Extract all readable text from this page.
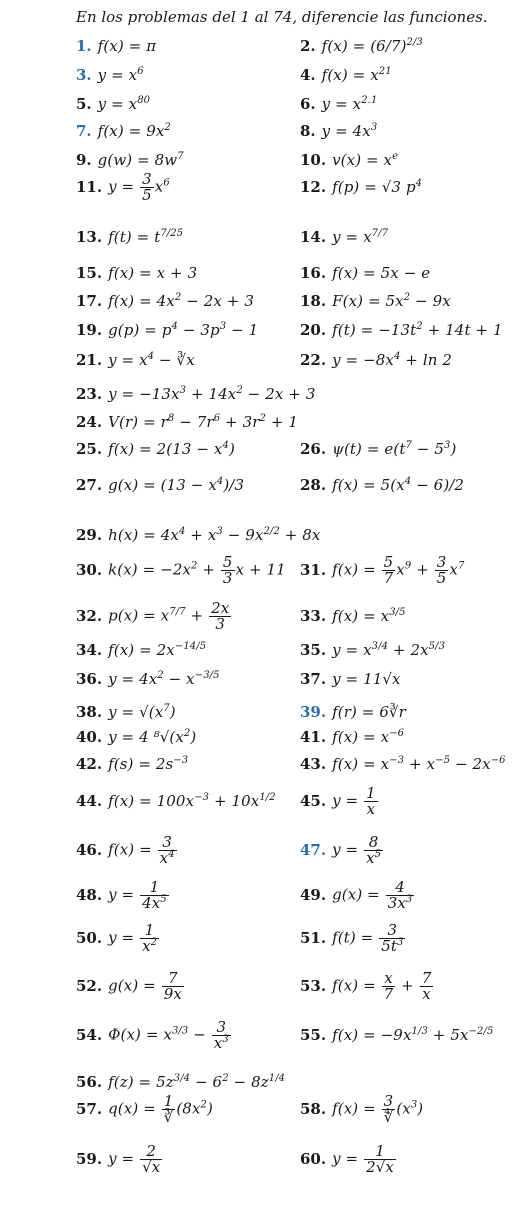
En los problemas del 1 al 74, diferencie las funciones.
1. f(x) = π	2. $f(x) = (6/7)^{2/3}$
3. $y = x^6$	4. $f(x) = x^{21}$
5. $y = x^{80}$	6. $y = x^{2.1}$
7. $f(x) = 9x^2$	8. $y = 4x^3$
9. $g(w) = 8w^7$	10. $v(x) = x^e$
11. $y = \frac{3}{5} x^6$	12. f(p) = √3 $p^4$
13. $f(t) = t^{7/25}$	14. $y = x^{7/7}$
15. f(x) = x + 3	16. f(x) = 5x − e
17. $f(x) = 4x^2 - 2x + 3$	18. $F(x) = 5x^2 - 9x$
19. $g(p) = p^4 - 3p^3 - 1$	20. $f(t) = -13t^2 + 14t + 1$
21. $y = x^4$ − ∛x	22. $y = -8x^4 + \ln 2$
23. $y = -13x^3 + 14x^2 - 2x + 3$
24. $V(r) = r^8 - 7r^6 + 3r^2 + 1$
25. $f(x) = 2(13 - x^4)$	26. $\psi(t) = e(t^7 - 5^3)$
27. $g(x) = (13 - x^4)/3$	28. $f(x) = 5(x^4 - 6)/2$
29. $h(x) = 4x^4 + x^3 - 9x^{2/2} + 8x$
30. $k(x) = -2x^2 + \frac{5}{3}$ x + 11 31. $f(x) = \frac{5}{7} x^9 + \frac{3}{5} x^7$
32. $p(x) = x^{7/7} + \frac{2x}{3}$	33. $f(x) = x^{3/5}$
34. $f(x) = 2x^{-14/5}$	35. $y = x^{3/4} + 2x^{5/3}$
36. $y = 4x^2 - x^{-3/5}$	37. y = 11√x
38. $y = √(x^7)$	39. f(r) = 6∛r
40. y = 4 $^8√(x^2)$	41. $f(x) = x^{-6}$
42. $f(s) = 2s^{-3}$	43. $f(x) = x^{-3} + x^{-5} - 2x^{-6}$
44. $f(x) = 100x^{-3} + 10x^{1/2}$ 45. $y = \frac{1}{x}$
46. $f(x) = \frac{3}{x^4}$	47. $y = \frac{8}{x^5}$
48. $y = \frac{1}{4x^5}$	49. $g(x) = \frac{4}{3x^3}$
50. $y = \frac{1}{x^2}$	51. $f(t) = \frac{3}{5t^3}$
52. $g(x) = \frac{7}{9x}$	53. $f(x) = \frac{x}{7} + \frac{7}{x}$
54. $\Phi(x) = x^{3/3} - \frac{3}{x^3}$	55. $f(x) = -9x^{1/3} + 5x^{-2/5}$
56. $f(z) = 5z^{3/4} - 6^2 - 8z^{1/4}$
57. $q(x) = \frac{1}{∛} (8x^2)$	58. $f(x) = \frac{3}{∜} (x^3)$
59. $y = \frac{2}{√x}$	60. $y = \frac{1}{2√x}$
